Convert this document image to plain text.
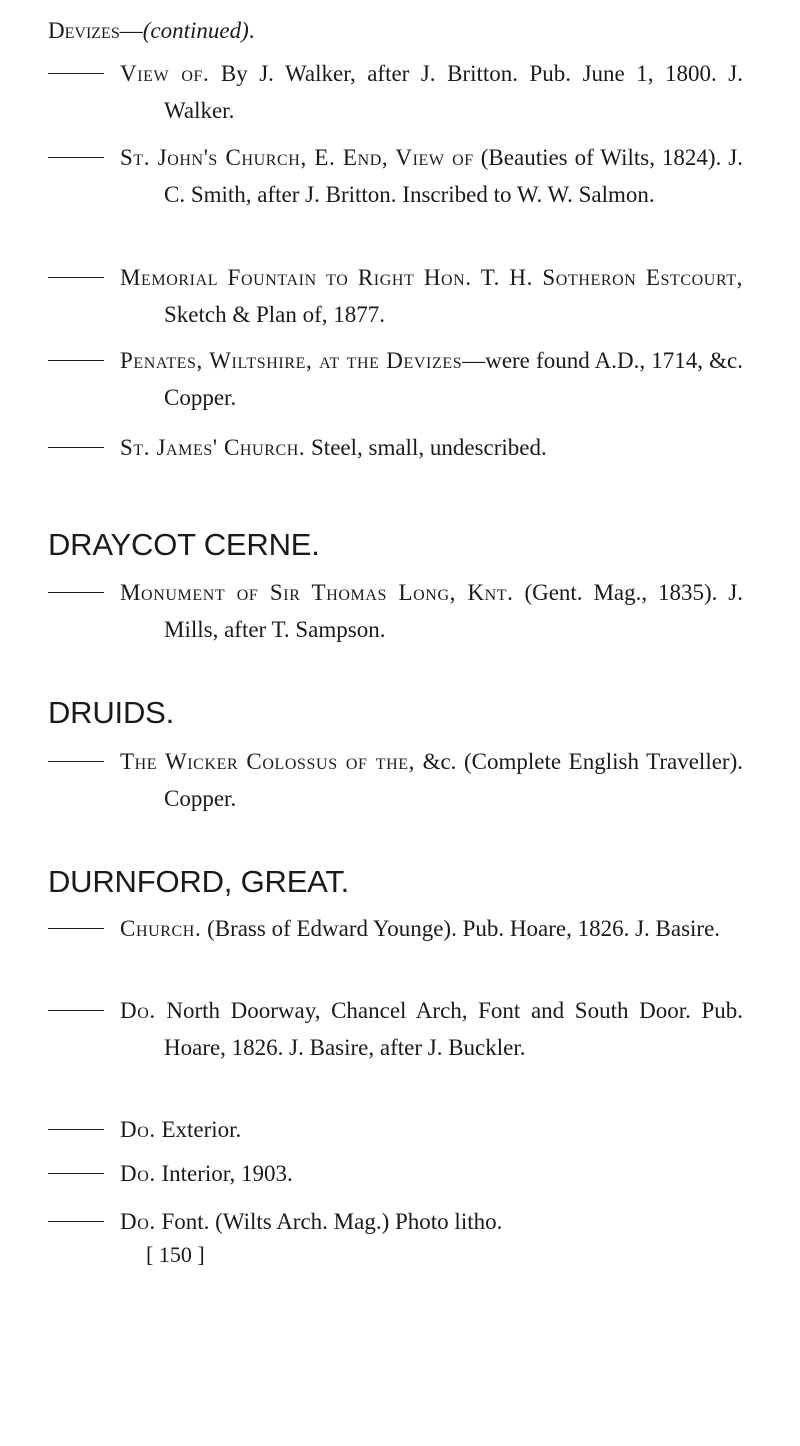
Devizes—(continued).
View of. By J. Walker, after J. Britton. Pub. June 1, 1800. J. Walker.
St. John's Church, E. End, View of (Beauties of Wilts, 1824). J. C. Smith, after J. Britton. Inscribed to W. W. Salmon.
Memorial Fountain to Right Hon. T. H. Sotheron Estcourt, Sketch & Plan of, 1877.
Penates, Wiltshire, at the Devizes—were found A.D., 1714, &c. Copper.
St. James' Church. Steel, small, undescribed.
DRAYCOT CERNE.
Monument of Sir Thomas Long, Knt. (Gent. Mag., 1835). J. Mills, after T. Sampson.
DRUIDS.
The Wicker Colossus of the, &c. (Complete English Traveller). Copper.
DURNFORD, GREAT.
Church. (Brass of Edward Younge). Pub. Hoare, 1826. J. Basire.
Do. North Doorway, Chancel Arch, Font and South Door. Pub. Hoare, 1826. J. Basire, after J. Buckler.
Do. Exterior.
Do. Interior, 1903.
Do. Font. (Wilts Arch. Mag.) Photo litho.
[ 150 ]
